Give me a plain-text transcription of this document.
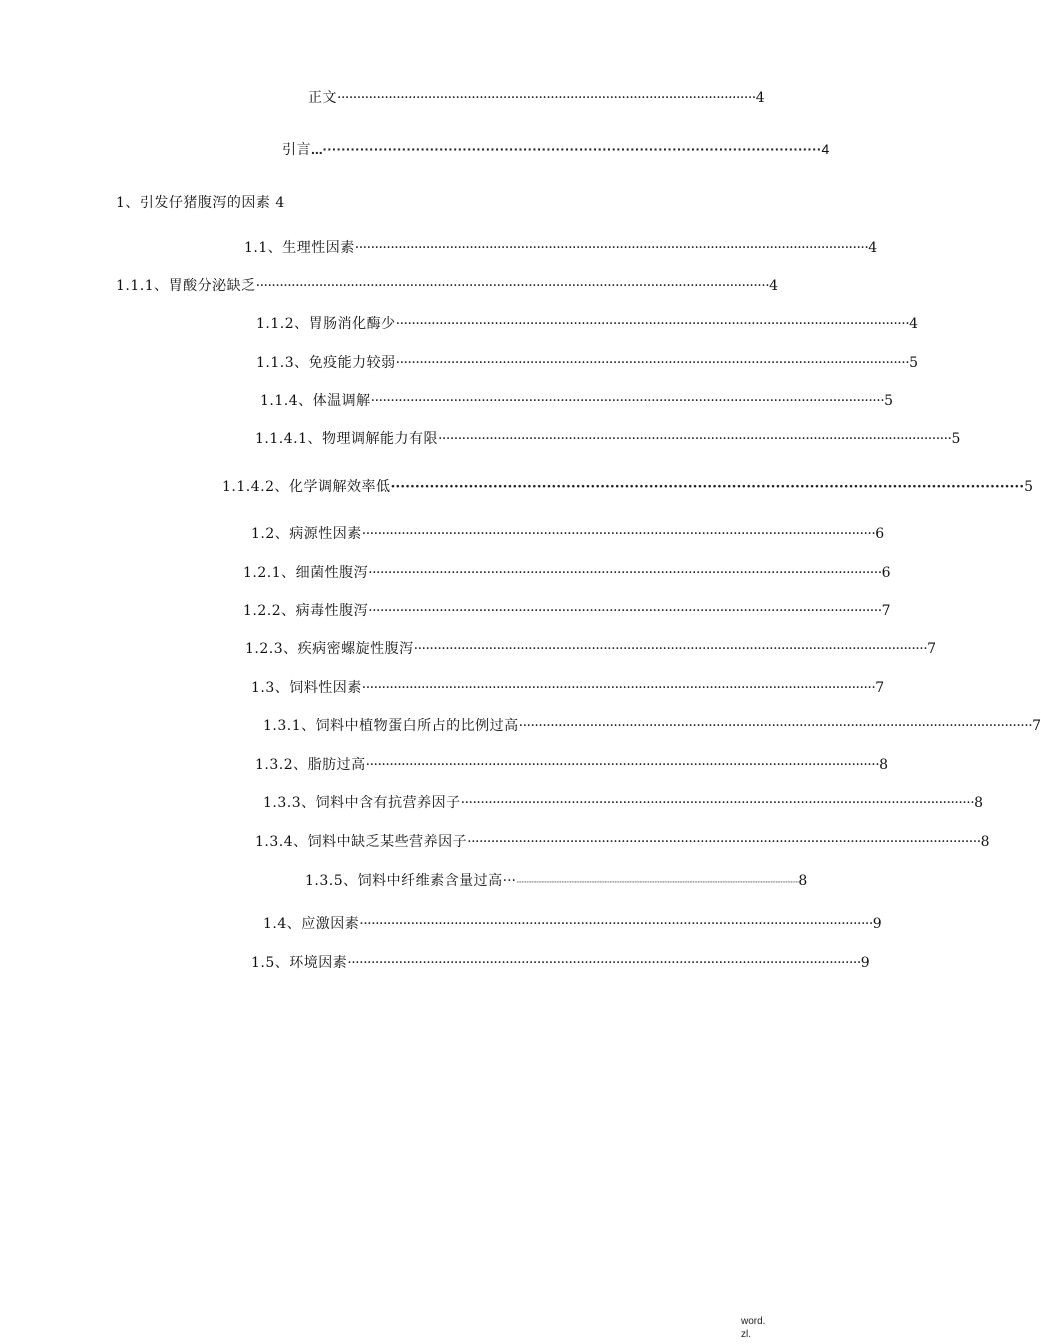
正文 ·········································································································· 4
引言 ...··········································································································· 4
1、引发仔猪腹泻的因素 4
1.1、生理性因素 ·································································································································· 4
1.1.1、胃酸分泌缺乏 ·································································································································· 4
1.1.2、胃肠消化酶少 ·································································································································· 4
1.1.3、免疫能力较弱 ·································································································································· 5
1.1.4、体温调解 ·································································································································· 5
1.1.4.1、物理调解能力有限 ·································································································································· 5
1.1.4.2、化学调解效率低 ·································································································································· 5
1.2、病源性因素 ·································································································································· 6
1.2.1、细菌性腹泻 ·································································································································· 6
1.2.2、病毒性腹泻 ·································································································································· 7
1.2.3、疾病密螺旋性腹泻 ·································································································································· 7
1.3、饲料性因素 ·································································································································· 7
1.3.1、饲料中植物蛋白所占的比例过高 ·································································································································· 7
1.3.2、脂肪过高 ·································································································································· 8
1.3.3、饲料中含有抗营养因子 ·································································································································· 8
1.3.4、饲料中缺乏某些营养因子 ·································································································································· 8
1.3.5、饲料中纤维素含量过高 ··· ·········································································································································································· 8
1.4、应激因素 ·································································································································· 9
1.5、环境因素 ·································································································································· 9
word.
zl.
